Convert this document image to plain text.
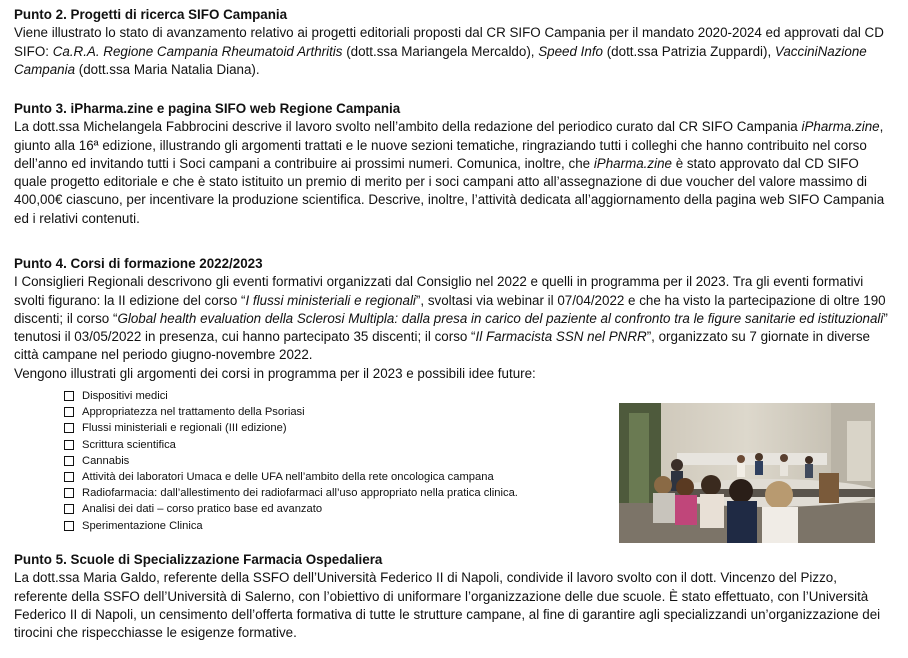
Punto 2. Progetti di ricerca SIFO Campania

Viene illustrato lo stato di avanzamento relativo ai progetti editoriali proposti dal CR SIFO Campania per il mandato 2020-2024 ed approvati dal CD SIFO: Ca.R.A. Regione Campania Rheumatoid Arthritis (dott.ssa Mariangela Mercaldo), Speed Info (dott.ssa Patrizia Zuppardi), VacciniNazione Campania (dott.ssa Maria Natalia Diana).

Punto 3. iPharma.zine e pagina SIFO web Regione Campania

La dott.ssa Michelangela Fabbrocini descrive il lavoro svolto nell’ambito della redazione del periodico curato dal CR SIFO Campania iPharma.zine, giunto alla 16ª edizione, illustrando gli argomenti trattati e le nuove sezioni tematiche, ringraziando tutti i colleghi che hanno contribuito nel corso dell’anno ed invitando tutti i Soci campani a contribuire ai prossimi numeri. Comunica, inoltre, che iPharma.zine è stato approvato dal CD SIFO quale progetto editoriale e che è stato istituito un premio di merito per i soci campani atto all’assegnazione di due voucher del valore massimo di 400,00€ ciascuno, per incentivare la produzione scientifica. Descrive, inoltre, l’attività dedicata all’aggiornamento della pagina web SIFO Campania ed i relativi contenuti.

Punto 4. Corsi di formazione 2022/2023

I Consiglieri Regionali descrivono gli eventi formativi organizzati dal Consiglio nel 2022 e quelli in programma per il 2023. Tra gli eventi formativi svolti figurano: la II edizione del corso “I flussi ministeriali e regionali”, svoltasi via webinar il 07/04/2022 e che ha visto la partecipazione di oltre 190 discenti; il corso “Global health evaluation della Sclerosi Multipla: dalla presa in carico del paziente al confronto tra le figure sanitarie ed istituzionali” tenutosi il 03/05/2022 in presenza, cui hanno partecipato 35 discenti; il corso “Il Farmacista SSN nel PNRR”, organizzato su 7 giornate in diverse città campane nel periodo giugno-novembre 2022.

Vengono illustrati gli argomenti dei corsi in programma per il 2023 e possibili idee future:

Dispositivi medici
Appropriatezza nel trattamento della Psoriasi
Flussi ministeriali e regionali (III edizione)
Scrittura scientifica
Cannabis
Attività dei laboratori Umaca e delle UFA nell’ambito della rete oncologica campana
Radiofarmacia: dall’allestimento dei radiofarmaci all’uso appropriato nella pratica clinica.
Analisi dei dati – corso pratico base ed avanzato
Sperimentazione Clinica

Punto 5. Scuole di Specializzazione Farmacia Ospedaliera

La dott.ssa Maria Galdo, referente della SSFO dell’Università Federico II di Napoli, condivide il lavoro svolto con il dott. Vincenzo del Pizzo, referente della SSFO dell’Università di Salerno, con l’obiettivo di uniformare l’organizzazione delle due scuole. È stato effettuato, con l’Università Federico II di Napoli, un censimento dell’offerta formativa di tutte le strutture campane, al fine di garantire agli specializzandi un’organizzazione dei tirocini che rispecchiasse le esigenze formative.
